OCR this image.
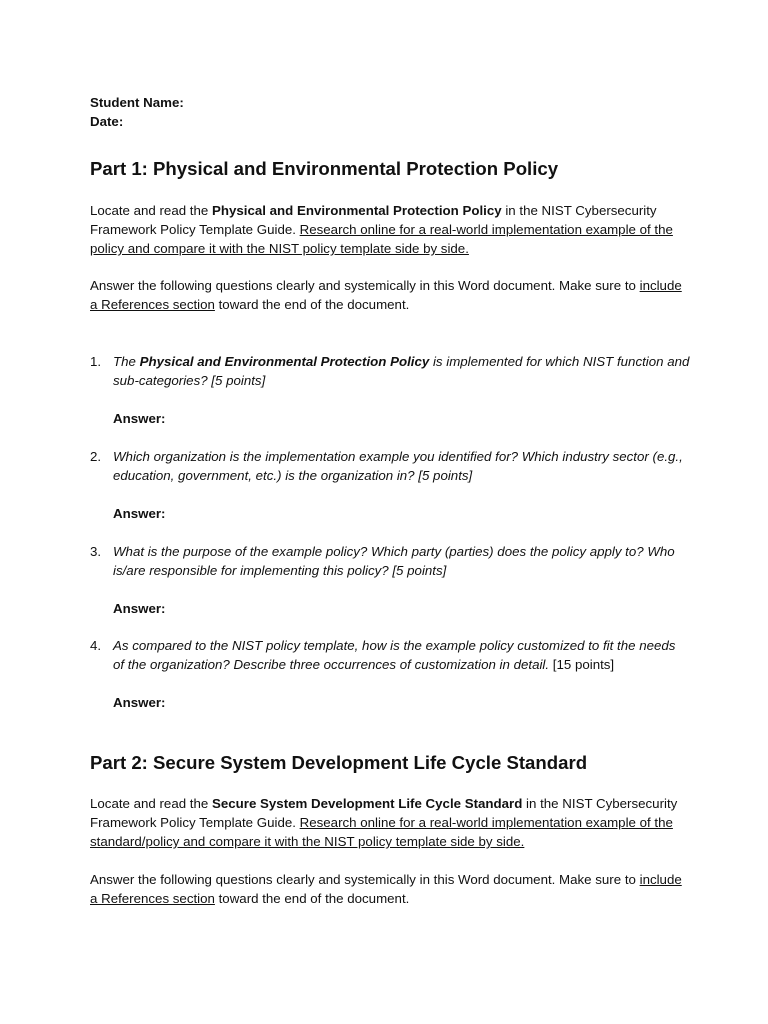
Student Name:

Date:

Part 1: Physical and Environmental Protection Policy

Locate and read the Physical and Environmental Protection Policy in the NIST Cybersecurity Framework Policy Template Guide. Research online for a real-world implementation example of the policy and compare it with the NIST policy template side by side.

Answer the following questions clearly and systemically in this Word document. Make sure to include a References section toward the end of the document.

1. The Physical and Environmental Protection Policy is implemented for which NIST function and sub-categories? [5 points]

Answer:
2. Which organization is the implementation example you identified for? Which industry sector (e.g., education, government, etc.) is the organization in? [5 points]

Answer:
3. What is the purpose of the example policy? Which party (parties) does the policy apply to? Who is/are responsible for implementing this policy? [5 points]

Answer:
4. As compared to the NIST policy template, how is the example policy customized to fit the needs of the organization? Describe three occurrences of customization in detail. [15 points]

Answer:
Part 2: Secure System Development Life Cycle Standard

Locate and read the Secure System Development Life Cycle Standard in the NIST Cybersecurity Framework Policy Template Guide. Research online for a real-world implementation example of the standard/policy and compare it with the NIST policy template side by side.

Answer the following questions clearly and systemically in this Word document. Make sure to include a References section toward the end of the document.
